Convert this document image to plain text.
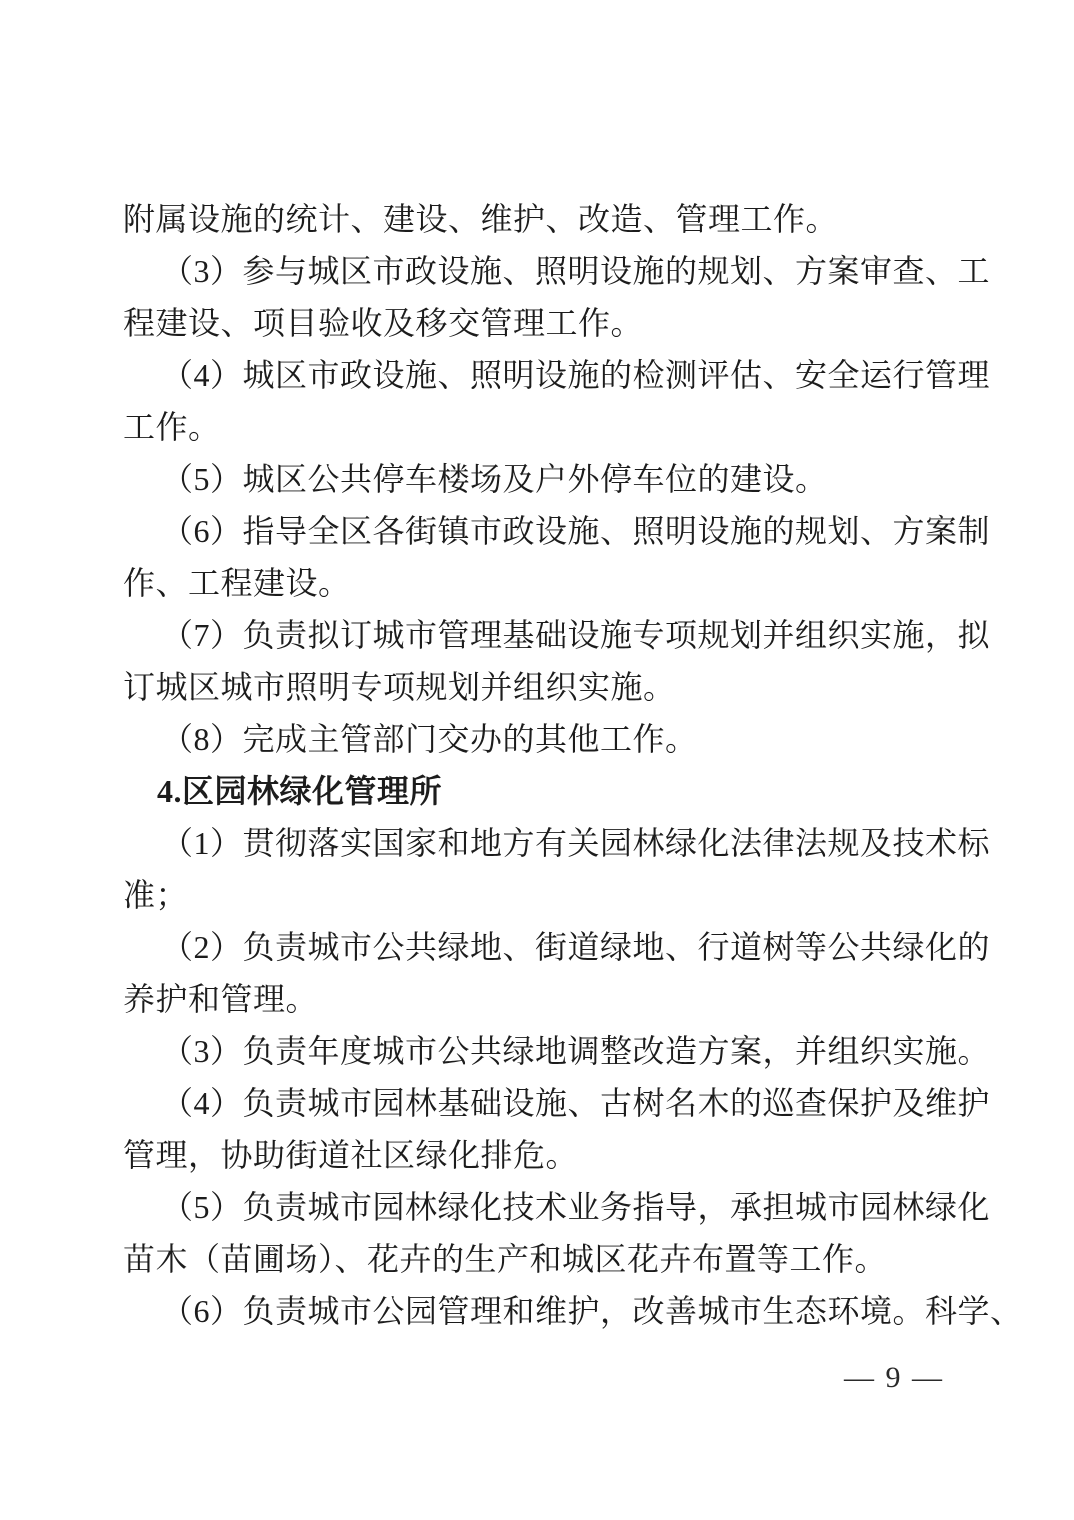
附属设施的统计、建设、维护、改造、管理工作。
（3）参与城区市政设施、照明设施的规划、方案审查、工
程建设、项目验收及移交管理工作。
（4）城区市政设施、照明设施的检测评估、安全运行管理
工作。
（5）城区公共停车楼场及户外停车位的建设。
（6）指导全区各街镇市政设施、照明设施的规划、方案制
作、工程建设。
（7）负责拟订城市管理基础设施专项规划并组织实施，拟
订城区城市照明专项规划并组织实施。
（8）完成主管部门交办的其他工作。
4.区园林绿化管理所
（1）贯彻落实国家和地方有关园林绿化法律法规及技术标
准；
（2）负责城市公共绿地、街道绿地、行道树等公共绿化的
养护和管理。
（3）负责年度城市公共绿地调整改造方案，并组织实施。
（4）负责城市园林基础设施、古树名木的巡查保护及维护
管理，协助街道社区绿化排危。
（5）负责城市园林绿化技术业务指导，承担城市园林绿化
苗木（苗圃场）、花卉的生产和城区花卉布置等工作。
（6）负责城市公园管理和维护，改善城市生态环境。科学、
— 9 —
